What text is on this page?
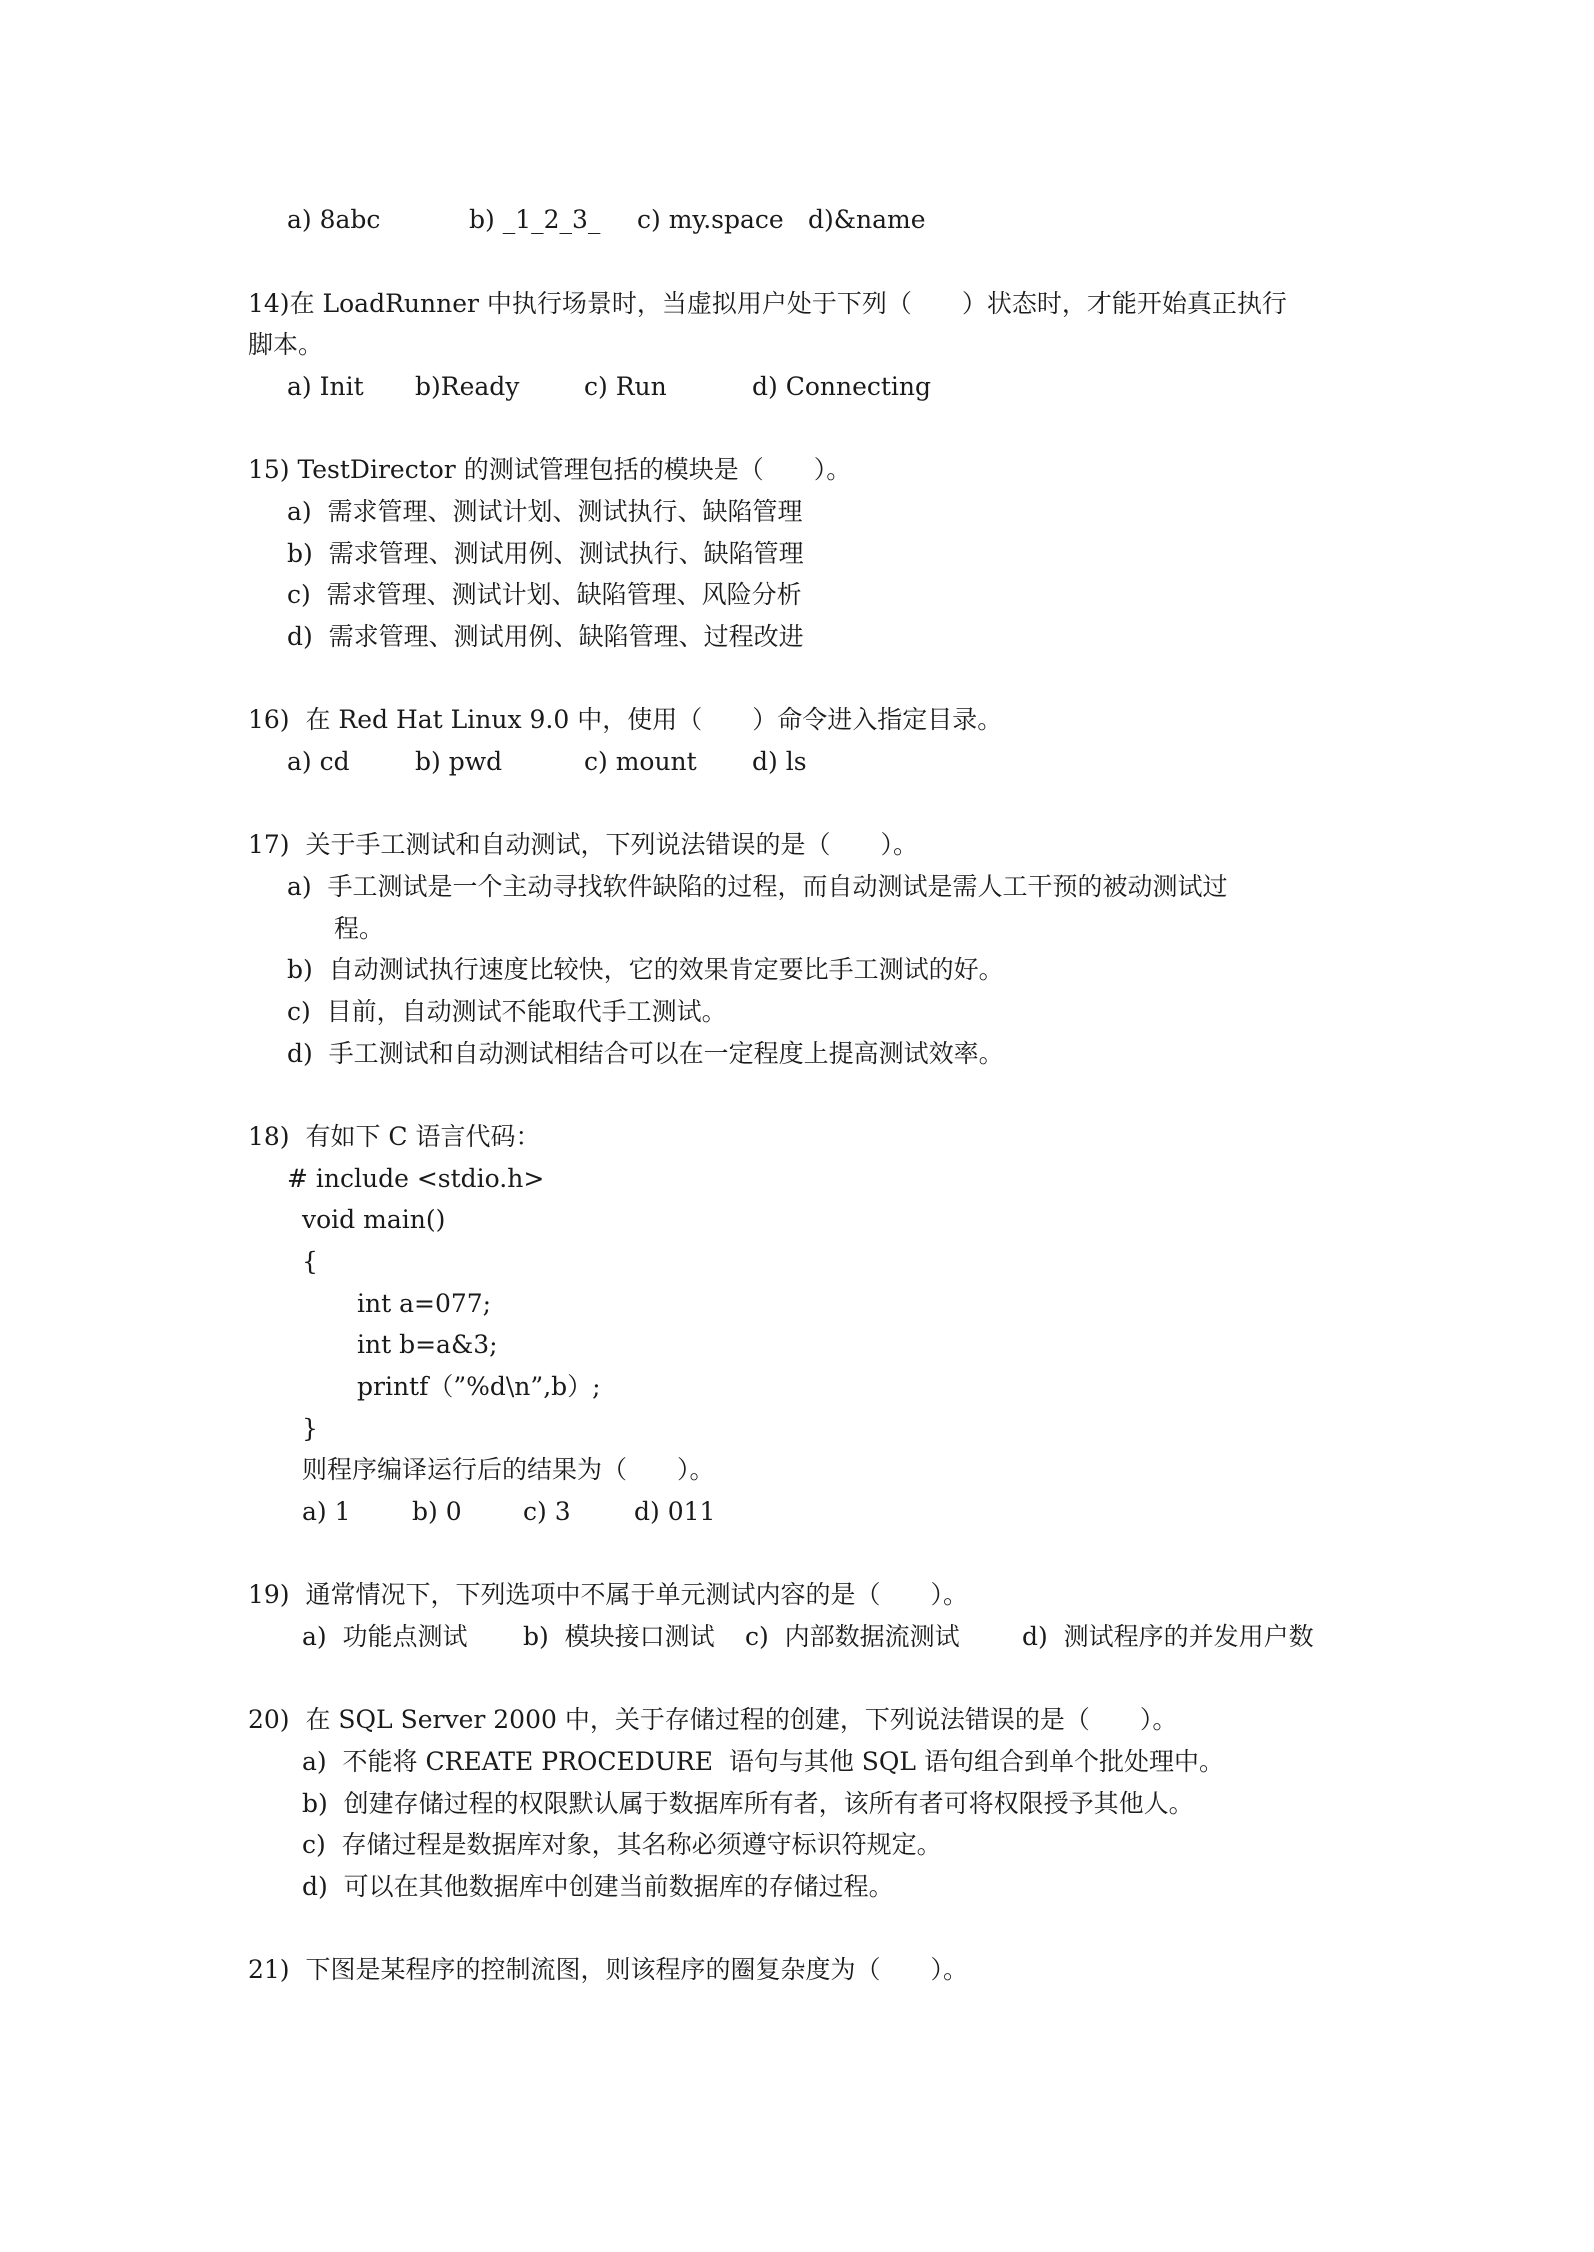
a) 8abc	b) _1_2_3_ c) my.space d)&name
14)在 LoadRunner 中执行场景时，当虚拟用户处于下列（　　）状态时，才能开始真正执行
脚本。
a) Init b)Ready	c) Run	d) Connecting
15) TestDirector 的测试管理包括的模块是（　　）。
a)  需求管理、测试计划、测试执行、缺陷管理
b)  需求管理、测试用例、测试执行、缺陷管理
c)  需求管理、测试计划、缺陷管理、风险分析
d)  需求管理、测试用例、缺陷管理、过程改进
16)  在 Red Hat Linux 9.0 中，使用（　　）命令进入指定目录。
a) cd	b) pwd	c) mount d) ls
17)  关于手工测试和自动测试，下列说法错误的是（　　）。
a)  手工测试是一个主动寻找软件缺陷的过程，而自动测试是需人工干预的被动测试过
程。
b)  自动测试执行速度比较快，它的效果肯定要比手工测试的好。
c)  目前，自动测试不能取代手工测试。
d)  手工测试和自动测试相结合可以在一定程度上提高测试效率。
18)  有如下 C 语言代码：
# include <stdio.h>
void main()
{
int a=077;
int b=a&3;
printf（”%d\n”,b）;
}
则程序编译运行后的结果为（　　）。
a) 1 b) 0 c) 3	d) 011
19)  通常情况下，下列选项中不属于单元测试内容的是（　　）。
a)  功能点测试 b)  模块接口测试 c)  内部数据流测试 d)  测试程序的并发用户数
20)  在 SQL Server 2000 中，关于存储过程的创建，下列说法错误的是（　　）。
a)  不能将 CREATE PROCEDURE  语句与其他 SQL 语句组合到单个批处理中。
b)  创建存储过程的权限默认属于数据库所有者，该所有者可将权限授予其他人。
c)  存储过程是数据库对象，其名称必须遵守标识符规定。
d)  可以在其他数据库中创建当前数据库的存储过程。
21)  下图是某程序的控制流图，则该程序的圈复杂度为（　　）。
